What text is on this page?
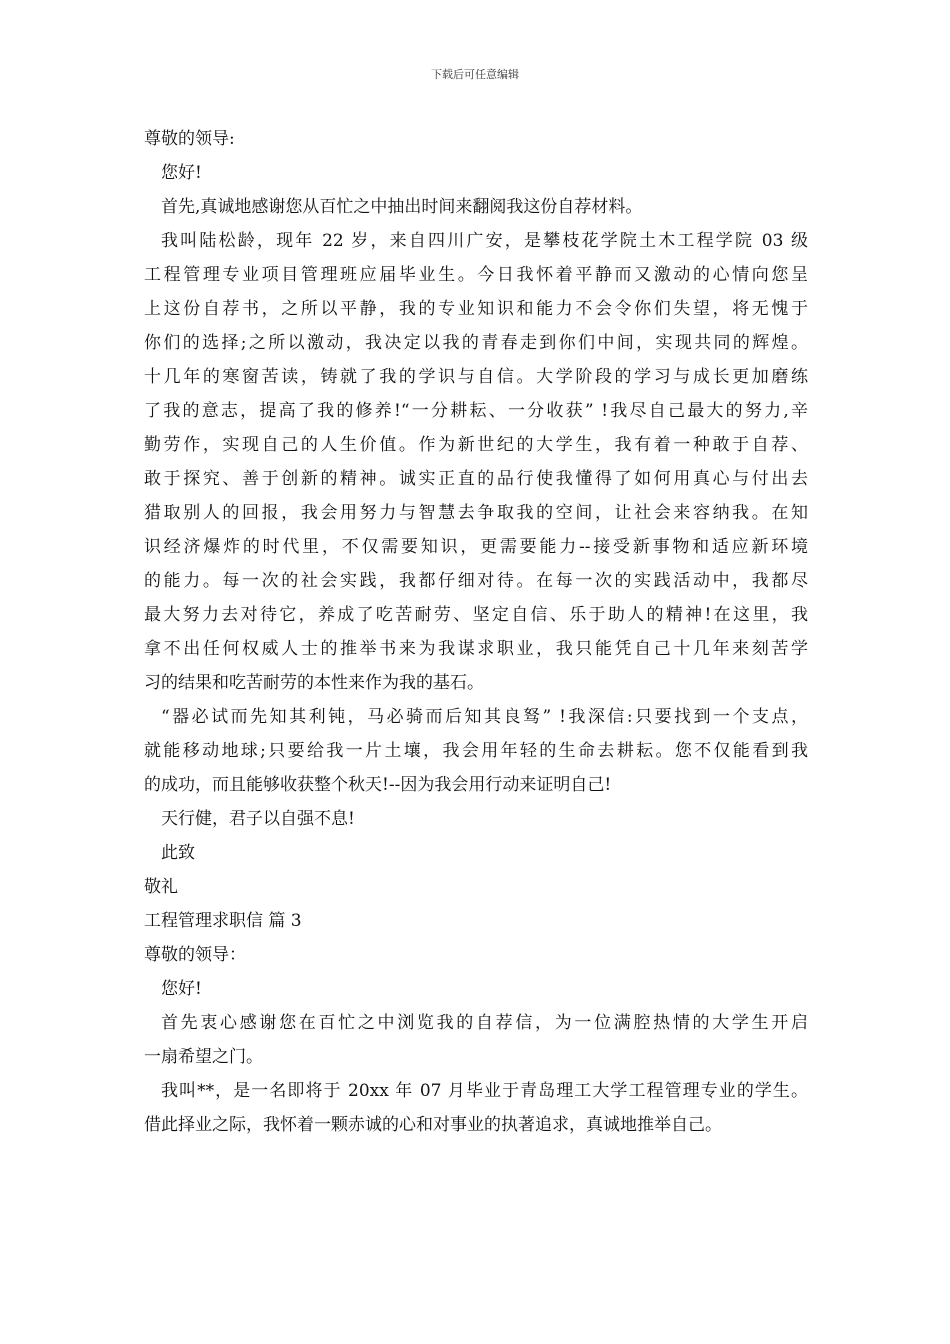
下载后可任意编辑
尊敬的领导:
您好!
首先,真诚地感谢您从百忙之中抽出时间来翻阅我这份自荐材料。
我叫陆松龄，现年 22 岁，来自四川广安，是攀枝花学院土木工程学院 03 级
工程管理专业项目管理班应届毕业生。今日我怀着平静而又激动的心情向您呈
上这份自荐书，之所以平静，我的专业知识和能力不会令你们失望，将无愧于
你们的选择;之所以激动，我决定以我的青春走到你们中间，实现共同的辉煌。
十几年的寒窗苦读，铸就了我的学识与自信。大学阶段的学习与成长更加磨练
了我的意志，提高了我的修养!“一分耕耘、一分收获” !我尽自己最大的努力,辛
勤劳作，实现自己的人生价值。作为新世纪的大学生，我有着一种敢于自荐、
敢于探究、善于创新的精神。诚实正直的品行使我懂得了如何用真心与付出去
猎取别人的回报，我会用努力与智慧去争取我的空间，让社会来容纳我。在知
识经济爆炸的时代里，不仅需要知识，更需要能力--接受新事物和适应新环境
的能力。每一次的社会实践，我都仔细对待。在每一次的实践活动中，我都尽
最大努力去对待它，养成了吃苦耐劳、坚定自信、乐于助人的精神!在这里，我
拿不出任何权威人士的推举书来为我谋求职业，我只能凭自己十几年来刻苦学
习的结果和吃苦耐劳的本性来作为我的基石。
“器必试而先知其利钝，马必骑而后知其良驽” !我深信:只要找到一个支点，
就能移动地球;只要给我一片土壤，我会用年轻的生命去耕耘。您不仅能看到我
的成功，而且能够收获整个秋天!--因为我会用行动来证明自己!
天行健，君子以自强不息!
此致
敬礼
工程管理求职信 篇 3
尊敬的领导：
您好!
首先衷心感谢您在百忙之中浏览我的自荐信，为一位满腔热情的大学生开启
一扇希望之门。
我叫**，是一名即将于 20xx 年 07 月毕业于青岛理工大学工程管理专业的学生。
借此择业之际，我怀着一颗赤诚的心和对事业的执著追求，真诚地推举自己。
